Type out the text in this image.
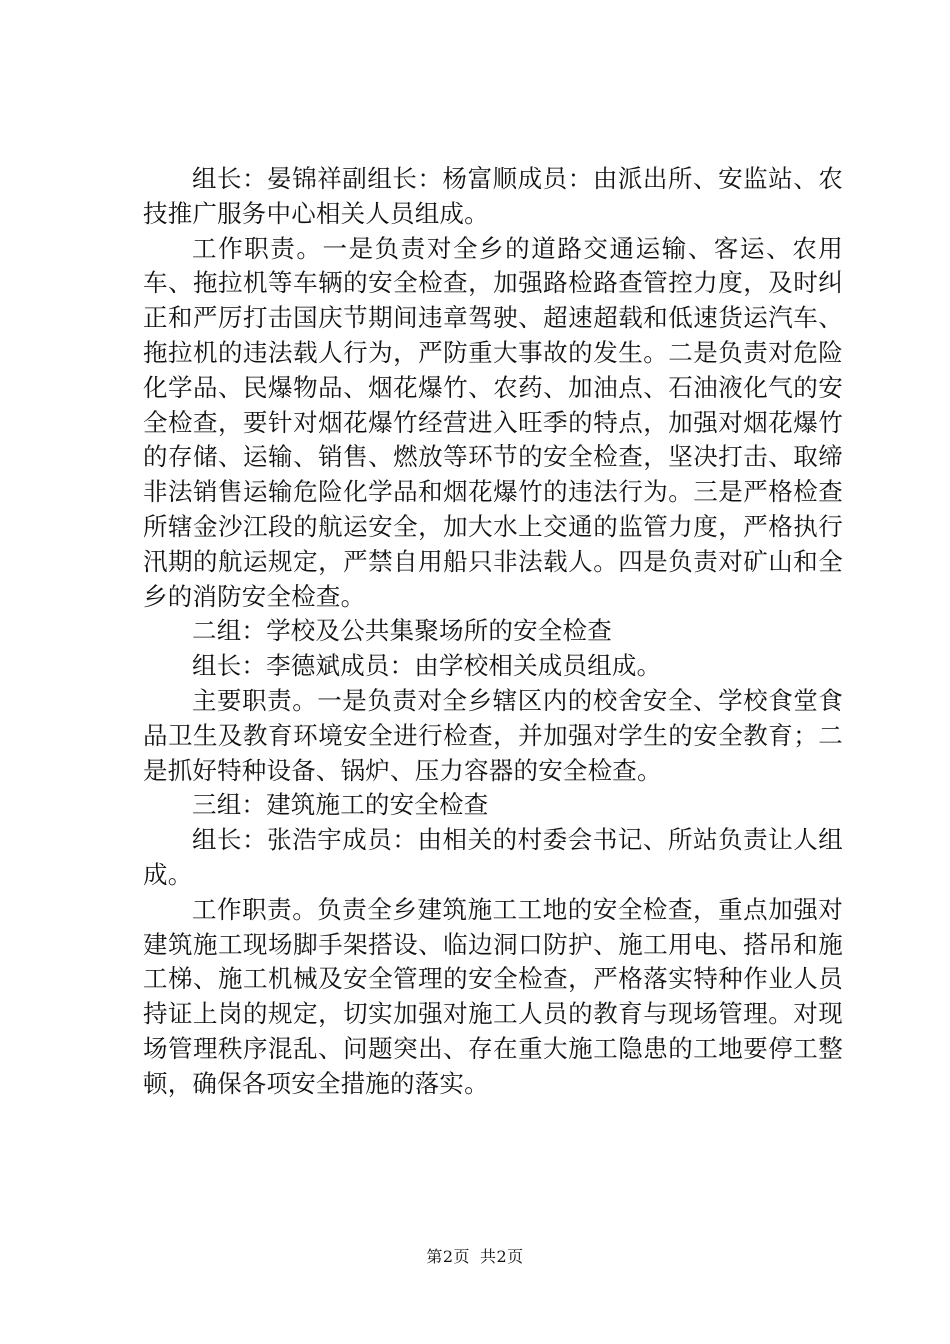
组长：晏锦祥副组长：杨富顺成员：由派出所、安监站、农技推广服务中心相关人员组成。

工作职责。一是负责对全乡的道路交通运输、客运、农用车、拖拉机等车辆的安全检查，加强路检路查管控力度，及时纠正和严厉打击国庆节期间违章驾驶、超速超载和低速货运汽车、拖拉机的违法载人行为，严防重大事故的发生。二是负责对危险化学品、民爆物品、烟花爆竹、农药、加油点、石油液化气的安全检查，要针对烟花爆竹经营进入旺季的特点，加强对烟花爆竹的存储、运输、销售、燃放等环节的安全检查，坚决打击、取缔非法销售运输危险化学品和烟花爆竹的违法行为。三是严格检查所辖金沙江段的航运安全，加大水上交通的监管力度，严格执行汛期的航运规定，严禁自用船只非法载人。四是负责对矿山和全乡的消防安全检查。

二组：学校及公共集聚场所的安全检查

组长：李德斌成员：由学校相关成员组成。

主要职责。一是负责对全乡辖区内的校舍安全、学校食堂食品卫生及教育环境安全进行检查，并加强对学生的安全教育；二是抓好特种设备、锅炉、压力容器的安全检查。

三组：建筑施工的安全检查

组长：张浩宇成员：由相关的村委会书记、所站负责让人组成。

工作职责。负责全乡建筑施工工地的安全检查，重点加强对建筑施工现场脚手架搭设、临边洞口防护、施工用电、搭吊和施工梯、施工机械及安全管理的安全检查，严格落实特种作业人员持证上岗的规定，切实加强对施工人员的教育与现场管理。对现场管理秩序混乱、问题突出、存在重大施工隐患的工地要停工整顿，确保各项安全措施的落实。

第2页 共2页
